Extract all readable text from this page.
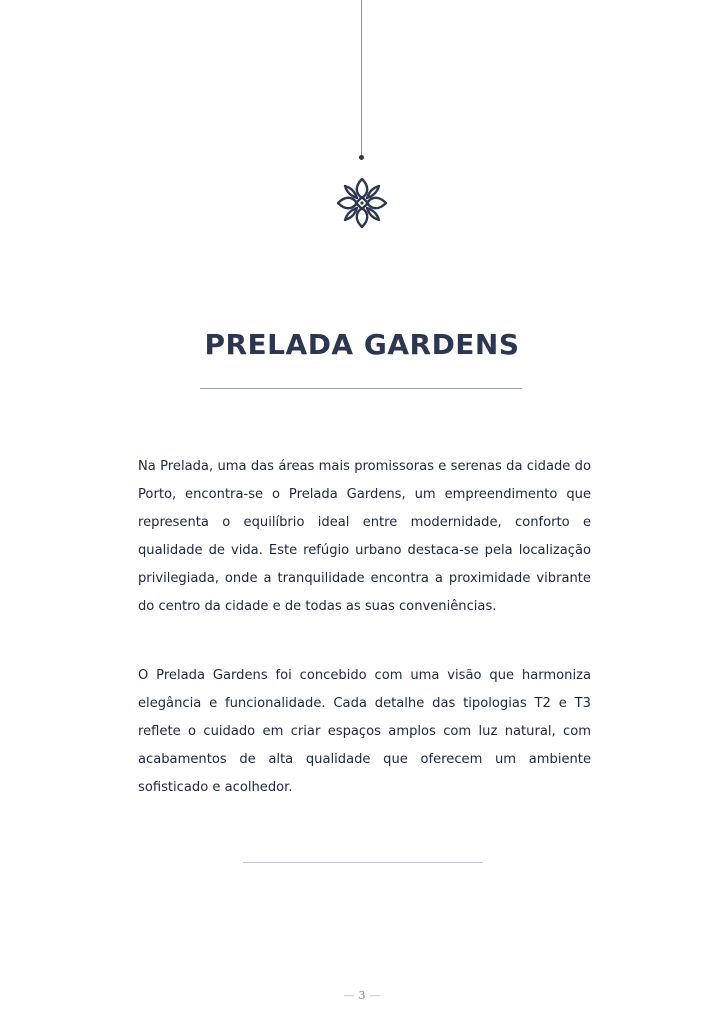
PRELADA GARDENS

Na Prelada, uma das áreas mais promissoras e serenas da cidade do Porto, encontra-se o Prelada Gardens, um empreendimento que representa o equilíbrio ideal entre modernidade, conforto e qualidade de vida. Este refúgio urbano destaca-se pela localização privilegiada, onde a tranquilidade encontra a proximidade vibrante do centro da cidade e de todas as suas conveniências.

O Prelada Gardens foi concebido com uma visão que harmoniza elegância e funcionalidade. Cada detalhe das tipologias T2 e T3 reflete o cuidado em criar espaços amplos com luz natural, com acabamentos de alta qualidade que oferecem um ambiente sofisticado e acolhedor.

— 3 —
